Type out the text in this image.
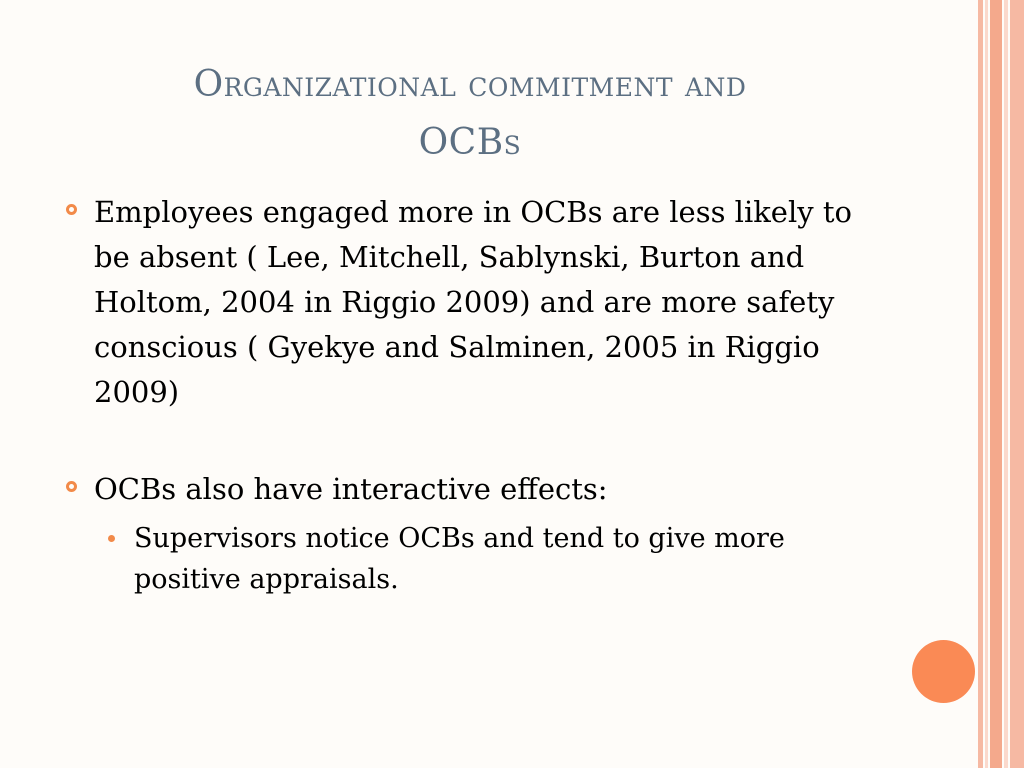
Organizational commitment and
OCBs
Employees engaged more in OCBs are less likely to be absent ( Lee, Mitchell, Sablynski, Burton and Holtom, 2004 in Riggio 2009) and are more safety conscious ( Gyekye and Salminen, 2005 in Riggio 2009)
OCBs also have interactive effects:
Supervisors notice OCBs and tend to give more positive appraisals.
